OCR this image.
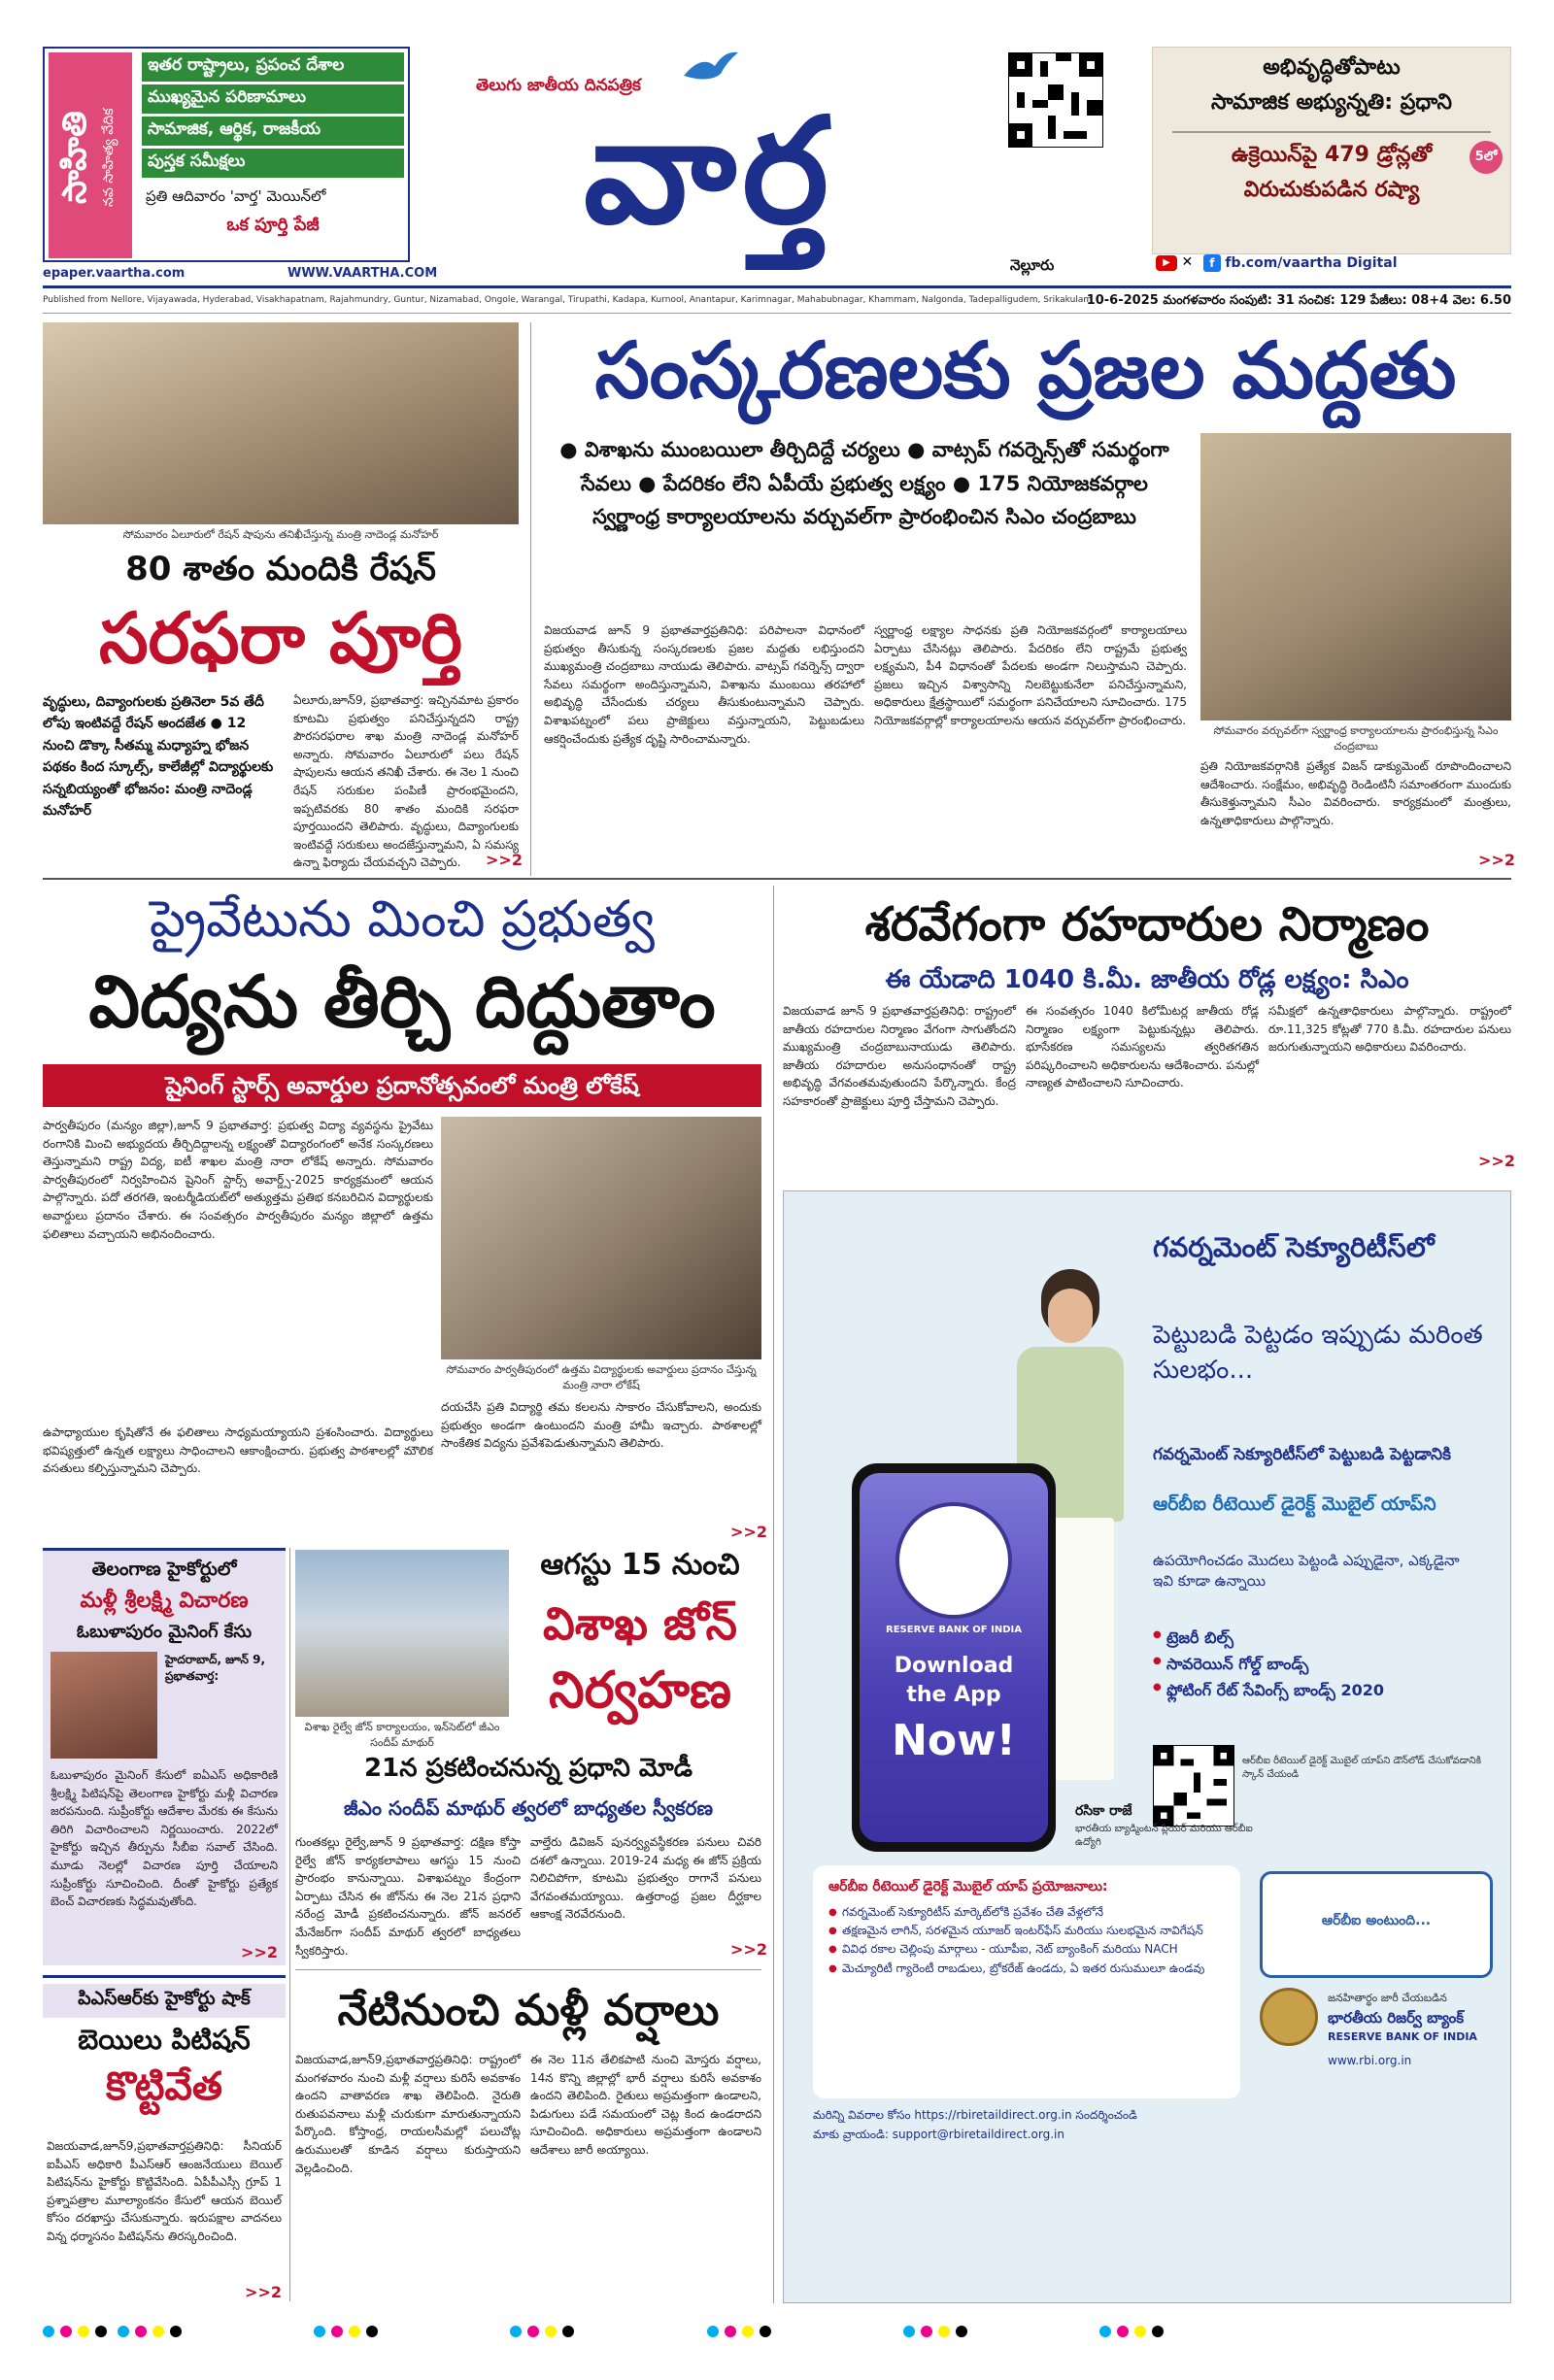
సాహితి నవ సాహిత్య వేదిక
ఇతర రాష్ట్రాలు, ప్రపంచ దేశాల
ముఖ్యమైన పరిణామాలు
సామాజిక, ఆర్థిక, రాజకీయ
పుస్తక సమీక్షలు
ప్రతి ఆదివారం 'వార్త' మెయిన్‌లో
ఒక పూర్తి పేజీ
epaper.vaartha.com	WWW.VAARTHA.COM
తెలుగు జాతీయ దినపత్రిక
వార్త
అభివృద్ధితోపాటు
సామాజిక అభ్యున్నతి: ప్రధాని
5లో
ఉక్రెయిన్‌పై 479 డ్రోన్లతో
విరుచుకుపడిన రష్యా
నెల్లూరు	▶ ✕ f fb.com/vaartha Digital
Published from Nellore, Vijayawada, Hyderabad, Visakhapatnam, Rajahmundry, Guntur, Nizamabad, Ongole, Warangal, Tirupathi, Kadapa, Kurnool, Anantapur, Karimnagar, Mahabubnagar, Khammam, Nalgonda, Tadepalligudem, Srikakulam
10-6-2025 మంగళవారం సంపుటి: 31 సంచిక: 129 పేజీలు: 08+4 వెల: 6.50
సోమవారం ఏలూరులో రేషన్ షాపును తనిఖీచేస్తున్న మంత్రి నాదెండ్ల మనోహర్
80 శాతం మందికి రేషన్
సరఫరా పూర్తి
వృద్ధులు, దివ్యాంగులకు ప్రతినెలా 5వ తేదీ లోపు ఇంటివద్దే రేషన్ అందజేత ● 12 నుంచి డొక్కా సీతమ్మ మధ్యాహ్న భోజన పథకం కింద స్కూల్స్, కాలేజీల్లో విద్యార్థులకు సన్నబియ్యంతో భోజనం: మంత్రి నాదెండ్ల మనోహర్
ఏలూరు,జూన్9, ప్రభాతవార్త: ఇచ్చినమాట ప్రకారం కూటమి ప్రభుత్వం పనిచేస్తున్నదని రాష్ట్ర పౌరసరఫరాల శాఖ మంత్రి నాదెండ్ల మనోహర్ అన్నారు. సోమవారం ఏలూరులో పలు రేషన్ షాపులను ఆయన తనిఖీ చేశారు. ఈ నెల 1 నుంచి రేషన్ సరుకుల పంపిణీ ప్రారంభమైందని, ఇప్పటివరకు 80 శాతం మందికి సరఫరా పూర్తయిందని తెలిపారు. వృద్ధులు, దివ్యాంగులకు ఇంటివద్దే సరుకులు అందజేస్తున్నామని, ఏ సమస్య ఉన్నా ఫిర్యాదు చేయవచ్చని చెప్పారు.	>>2
సంస్కరణలకు ప్రజల మద్దతు
● విశాఖను ముంబయిలా తీర్చిదిద్దే చర్యలు ● వాట్సప్ గవర్నెన్స్‌తో సమర్థంగా సేవలు ● పేదరికం లేని ఏపీయే ప్రభుత్వ లక్ష్యం ● 175 నియోజకవర్గాల స్వర్ణాంధ్ర కార్యాలయాలను వర్చువల్‌గా ప్రారంభించిన సిఎం చంద్రబాబు
సోమవారం వర్చువల్‌గా స్వర్ణాంధ్ర కార్యాలయాలను ప్రారంభిస్తున్న సిఎం చంద్రబాబు
విజయవాడ జూన్ 9 ప్రభాతవార్తప్రతినిధి: పరిపాలనా విధానంలో ప్రభుత్వం తీసుకున్న సంస్కరణలకు ప్రజల మద్దతు లభిస్తుందని ముఖ్యమంత్రి చంద్రబాబు నాయుడు తెలిపారు. వాట్సప్ గవర్నెన్స్ ద్వారా సేవలు సమర్థంగా అందిస్తున్నామని, విశాఖను ముంబయి తరహాలో అభివృద్ధి చేసేందుకు చర్యలు తీసుకుంటున్నామని చెప్పారు. విశాఖపట్నంలో పలు ప్రాజెక్టులు వస్తున్నాయని, పెట్టుబడులు ఆకర్షించేందుకు ప్రత్యేక దృష్టి సారించామన్నారు.
స్వర్ణాంధ్ర లక్ష్యాల సాధనకు ప్రతి నియోజకవర్గంలో కార్యాలయాలు ఏర్పాటు చేసినట్లు తెలిపారు. పేదరికం లేని రాష్ట్రమే ప్రభుత్వ లక్ష్యమని, పీ4 విధానంతో పేదలకు అండగా నిలుస్తామని చెప్పారు. ప్రజలు ఇచ్చిన విశ్వాసాన్ని నిలబెట్టుకునేలా పనిచేస్తున్నామని, అధికారులు క్షేత్రస్థాయిలో సమర్థంగా పనిచేయాలని సూచించారు. 175 నియోజకవర్గాల్లో కార్యాలయాలను ఆయన వర్చువల్‌గా ప్రారంభించారు.
ప్రతి నియోజకవర్గానికి ప్రత్యేక విజన్ డాక్యుమెంట్ రూపొందించాలని ఆదేశించారు. సంక్షేమం, అభివృద్ధి రెండింటినీ సమాంతరంగా ముందుకు తీసుకెళ్తున్నామని సీఎం వివరించారు. కార్యక్రమంలో మంత్రులు, ఉన్నతాధికారులు పాల్గొన్నారు.
>>2
ప్రైవేటును మించి ప్రభుత్వ
విద్యను తీర్చి దిద్దుతాం
షైనింగ్ స్టార్స్ అవార్డుల ప్రదానోత్సవంలో మంత్రి లోకేష్
పార్వతీపురం (మన్యం జిల్లా),జూన్ 9 ప్రభాతవార్త: ప్రభుత్వ విద్యా వ్యవస్థను ప్రైవేటు రంగానికి మించి అభ్యుదయ తీర్చిదిద్దాలన్న లక్ష్యంతో విద్యారంగంలో అనేక సంస్కరణలు తెస్తున్నామని రాష్ట్ర విద్య, ఐటీ శాఖల మంత్రి నారా లోకేష్ అన్నారు. సోమవారం పార్వతీపురంలో నిర్వహించిన షైనింగ్ స్టార్స్ అవార్డ్స్-2025 కార్యక్రమంలో ఆయన పాల్గొన్నారు. పదో తరగతి, ఇంటర్మీడియట్‌లో అత్యుత్తమ ప్రతిభ కనబరిచిన విద్యార్థులకు అవార్డులు ప్రదానం చేశారు. ఈ సంవత్సరం పార్వతీపురం మన్యం జిల్లాలో ఉత్తమ ఫలితాలు వచ్చాయని అభినందించారు.
సోమవారం పార్వతీపురంలో ఉత్తమ విద్యార్థులకు అవార్డులు ప్రదానం చేస్తున్న మంత్రి నారా లోకేష్
ఉపాధ్యాయుల కృషితోనే ఈ ఫలితాలు సాధ్యమయ్యాయని ప్రశంసించారు. విద్యార్థులు భవిష్యత్తులో ఉన్నత లక్ష్యాలు సాధించాలని ఆకాంక్షించారు. ప్రభుత్వ పాఠశాలల్లో మౌలిక వసతులు కల్పిస్తున్నామని చెప్పారు.
దయచేసి ప్రతి విద్యార్థి తమ కలలను సాకారం చేసుకోవాలని, అందుకు ప్రభుత్వం అండగా ఉంటుందని మంత్రి హామీ ఇచ్చారు. పాఠశాలల్లో సాంకేతిక విద్యను ప్రవేశపెడుతున్నామని తెలిపారు.
>>2
శరవేగంగా రహదారుల నిర్మాణం
ఈ యేడాది 1040 కి.మీ. జాతీయ రోడ్ల లక్ష్యం: సిఎం
విజయవాడ జూన్ 9 ప్రభాతవార్తప్రతినిధి: రాష్ట్రంలో జాతీయ రహదారుల నిర్మాణం వేగంగా సాగుతోందని ముఖ్యమంత్రి చంద్రబాబునాయుడు తెలిపారు. జాతీయ రహదారుల అనుసంధానంతో రాష్ట్ర అభివృద్ధి వేగవంతమవుతుందని పేర్కొన్నారు. కేంద్ర సహకారంతో ప్రాజెక్టులు పూర్తి చేస్తామని చెప్పారు.
ఈ సంవత్సరం 1040 కిలోమీటర్ల జాతీయ రోడ్ల నిర్మాణం లక్ష్యంగా పెట్టుకున్నట్లు తెలిపారు. భూసేకరణ సమస్యలను త్వరితగతిన పరిష్కరించాలని అధికారులను ఆదేశించారు. పనుల్లో నాణ్యత పాటించాలని సూచించారు.
సమీక్షలో ఉన్నతాధికారులు పాల్గొన్నారు. రాష్ట్రంలో రూ.11,325 కోట్లతో 770 కి.మీ. రహదారుల పనులు జరుగుతున్నాయని అధికారులు వివరించారు.
>>2
RESERVE BANK OF INDIA
Download
the App
Now!
గవర్నమెంట్ సెక్యూరిటీస్‌లో
పెట్టుబడి పెట్టడం ఇప్పుడు మరింత సులభం...
గవర్నమెంట్ సెక్యూరిటీస్‌లో పెట్టుబడి పెట్టడానికి
ఆర్‌బీఐ రీటెయిల్ డైరెక్ట్ మొబైల్ యాప్‌ని
ఉపయోగించడం మొదలు పెట్టండి ఎప్పుడైనా, ఎక్కడైనా ఇవి కూడా ఉన్నాయి
● ట్రెజరీ బిల్స్
● సావరెయిన్ గోల్డ్ బాండ్స్
● ఫ్లోటింగ్ రేట్ సేవింగ్స్ బాండ్స్ 2020
ఆర్‌బీఐ రీటెయిల్ డైరెక్ట్ మొబైల్ యాప్‌ని డౌన్‌లోడ్ చేసుకోవడానికి స్కాన్ చేయండి
రసికా రాజే
భారతీయ బ్యాడ్మింటన్ ప్లేయర్ మరియు ఆర్‌బీఐ ఉద్యోగి
ఆర్‌బీఐ రీటెయిల్ డైరెక్ట్ మొబైల్ యాప్ ప్రయోజనాలు:
● గవర్నమెంట్ సెక్యూరిటీస్ మార్కెట్‌లోకి ప్రవేశం చేతి వేళ్లలోనే
● తక్షణమైన లాగిన్, సరళమైన యూజర్ ఇంటర్‌ఫేస్ మరియు సులభమైన నావిగేషన్
● వివిధ రకాల చెల్లింపు మార్గాలు - యూపీఐ, నెట్ బ్యాంకింగ్ మరియు NACH
● మెచ్యూరిటీ గ్యారెంటీ రాబడులు, బ్రోకరేజ్ ఉండదు, ఏ ఇతర రుసుములూ ఉండవు
ఆర్‌బీఐ అంటుంది...
జనహితార్థం జారీ చేయబడిన
భారతీయ రిజర్వ్ బ్యాంక్
RESERVE BANK OF INDIA
www.rbi.org.in
మరిన్ని వివరాల కోసం https://rbiretaildirect.org.in సందర్శించండి
మాకు వ్రాయండి: support@rbiretaildirect.org.in
తెలంగాణ హైకోర్టులో
మళ్లీ శ్రీలక్ష్మి విచారణ
ఓబుళాపురం మైనింగ్ కేసు
హైదరాబాద్, జూన్ 9, ప్రభాతవార్త:
ఓబుళాపురం మైనింగ్ కేసులో ఐఏఎస్ అధికారిణి శ్రీలక్ష్మి పిటిషన్‌పై తెలంగాణ హైకోర్టు మళ్లీ విచారణ జరపనుంది. సుప్రీంకోర్టు ఆదేశాల మేరకు ఈ కేసును తిరిగి విచారించాలని నిర్ణయించారు. 2022లో హైకోర్టు ఇచ్చిన తీర్పును సీబీఐ సవాల్ చేసింది. మూడు నెలల్లో విచారణ పూర్తి చేయాలని సుప్రీంకోర్టు సూచించింది. దీంతో హైకోర్టు ప్రత్యేక బెంచ్ విచారణకు సిద్ధమవుతోంది.
>>2
విశాఖ రైల్వే జోన్ కార్యాలయం, ఇన్‌సెట్‌లో జీఎం సందీప్ మాథుర్
ఆగస్టు 15 నుంచి
విశాఖ జోన్
నిర్వహణ
21న ప్రకటించనున్న ప్రధాని మోడీ
జీఎం సందీప్ మాథుర్ త్వరలో బాధ్యతల స్వీకరణ
గుంతకల్లు రైల్వే,జూన్ 9 ప్రభాతవార్త: దక్షిణ కోస్తా రైల్వే జోన్ కార్యకలాపాలు ఆగస్టు 15 నుంచి ప్రారంభం కానున్నాయి. విశాఖపట్నం కేంద్రంగా ఏర్పాటు చేసిన ఈ జోన్‌ను ఈ నెల 21న ప్రధాని నరేంద్ర మోడీ ప్రకటించనున్నారు. జోన్ జనరల్ మేనేజర్‌గా సందీప్ మాథుర్ త్వరలో బాధ్యతలు స్వీకరిస్తారు.
వాల్తేరు డివిజన్ పునర్వ్యవస్థీకరణ పనులు చివరి దశలో ఉన్నాయి. 2019-24 మధ్య ఈ జోన్ ప్రక్రియ నిలిచిపోగా, కూటమి ప్రభుత్వం రాగానే పనులు వేగవంతమయ్యాయి. ఉత్తరాంధ్ర ప్రజల దీర్ఘకాల ఆకాంక్ష నెరవేరనుంది.
>>2
పిఎస్‌ఆర్‌కు హైకోర్టు షాక్
బెయిలు పిటిషన్
కొట్టివేత
విజయవాడ,జూన్9,ప్రభాతవార్తప్రతినిధి: సీనియర్ ఐపీఎస్ అధికారి పీఎస్ఆర్ ఆంజనేయులు బెయిల్ పిటిషన్‌ను హైకోర్టు కొట్టివేసింది. ఏపీపీఎస్సీ గ్రూప్ 1 ప్రశ్నాపత్రాల మూల్యాంకనం కేసులో ఆయన బెయిల్ కోసం దరఖాస్తు చేసుకున్నారు. ఇరుపక్షాల వాదనలు విన్న ధర్మాసనం పిటిషన్‌ను తిరస్కరించింది.
>>2
నేటినుంచి మళ్లీ వర్షాలు
విజయవాడ,జూన్9,ప్రభాతవార్తప్రతినిధి: రాష్ట్రంలో మంగళవారం నుంచి మళ్లీ వర్షాలు కురిసే అవకాశం ఉందని వాతావరణ శాఖ తెలిపింది. నైరుతి రుతుపవనాలు మళ్లీ చురుకుగా మారుతున్నాయని పేర్కొంది. కోస్తాంధ్ర, రాయలసీమల్లో పలుచోట్ల ఉరుములతో కూడిన వర్షాలు కురుస్తాయని వెల్లడించింది.
ఈ నెల 11న తేలికపాటి నుంచి మోస్తరు వర్షాలు, 14న కొన్ని జిల్లాల్లో భారీ వర్షాలు కురిసే అవకాశం ఉందని తెలిపింది. రైతులు అప్రమత్తంగా ఉండాలని, పిడుగులు పడే సమయంలో చెట్ల కింద ఉండరాదని సూచించింది. అధికారులు అప్రమత్తంగా ఉండాలని ఆదేశాలు జారీ అయ్యాయి.
